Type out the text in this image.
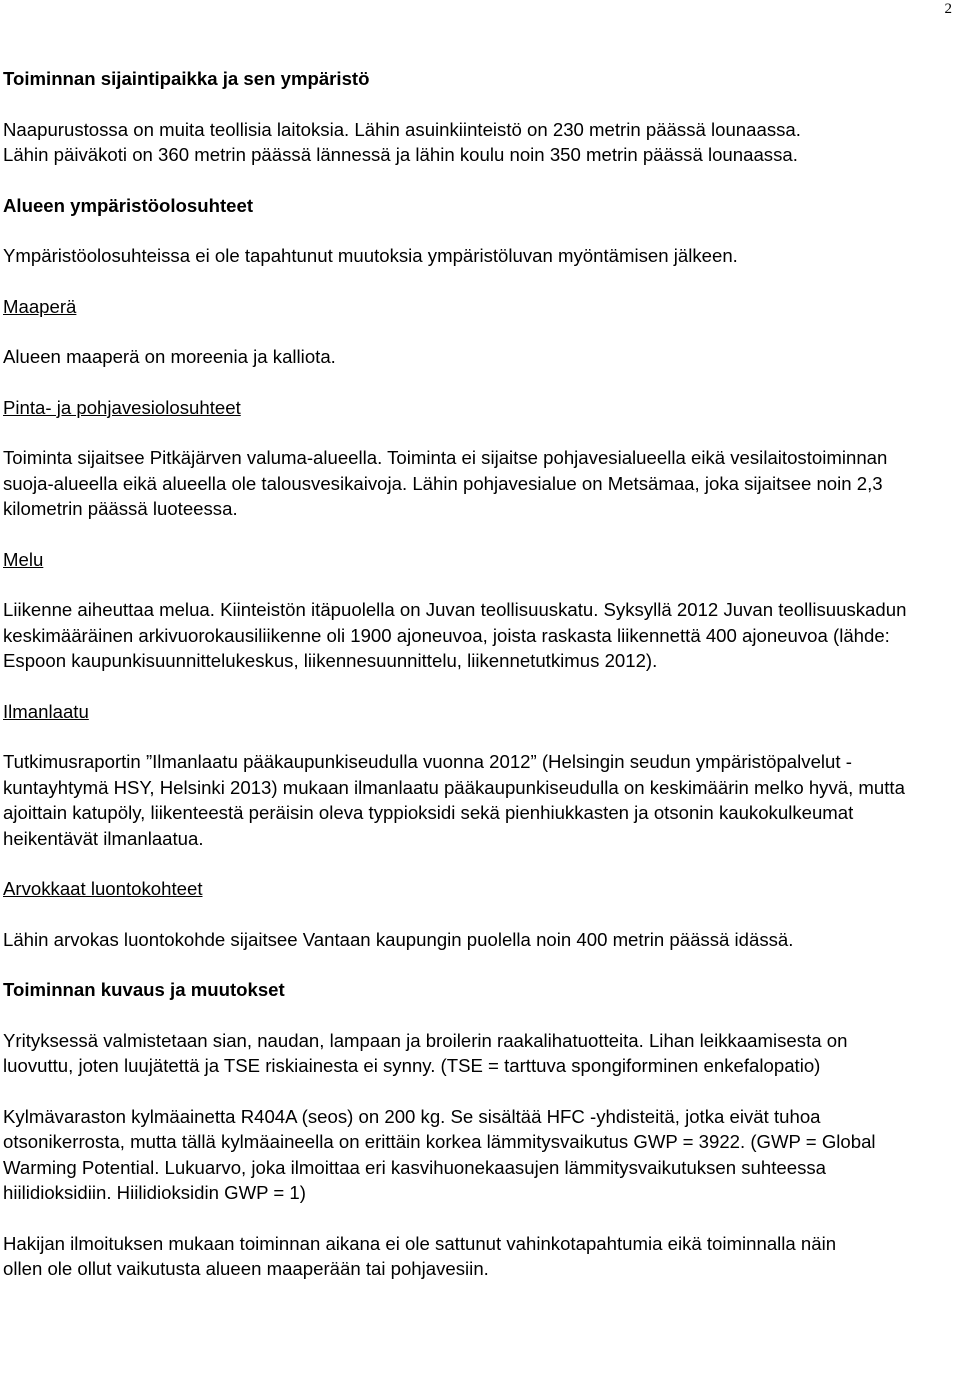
2
Toiminnan sijaintipaikka ja sen ympäristö

Naapurustossa on muita teollisia laitoksia. Lähin asuinkiinteistö on 230 metrin päässä lounaassa. Lähin päiväkoti on 360 metrin päässä lännessä ja lähin koulu noin 350 metrin päässä lounaassa.

Alueen ympäristöolosuhteet

Ympäristöolosuhteissa ei ole tapahtunut muutoksia ympäristöluvan myöntämisen jälkeen.

Maaperä

Alueen maaperä on moreenia ja kalliota.

Pinta- ja pohjavesiolosuhteet

Toiminta sijaitsee Pitkäjärven valuma-alueella. Toiminta ei sijaitse pohjavesialueella eikä vesilaitostoiminnan suoja-alueella eikä alueella ole talousvesikaivoja. Lähin pohjavesialue on Metsämaa, joka sijaitsee noin 2,3 kilometrin päässä luoteessa.

Melu

Liikenne aiheuttaa melua. Kiinteistön itäpuolella on Juvan teollisuuskatu. Syksyllä 2012 Juvan teollisuuskadun keskimääräinen arkivuorokausiliikenne oli 1900 ajoneuvoa, joista raskasta liikennettä 400 ajoneuvoa (lähde: Espoon kaupunkisuunnittelukeskus, liikennesuunnittelu, liikennetutkimus 2012).

Ilmanlaatu

Tutkimusraportin ”Ilmanlaatu pääkaupunkiseudulla vuonna 2012” (Helsingin seudun ympäristöpalvelut -kuntayhtymä HSY, Helsinki 2013) mukaan ilmanlaatu pääkaupunkiseudulla on keskimäärin melko hyvä, mutta ajoittain katupöly, liikenteestä peräisin oleva typpioksidi sekä pienhiukkasten ja otsonin kaukokulkeumat heikentävät ilmanlaatua.

Arvokkaat luontokohteet

Lähin arvokas luontokohde sijaitsee Vantaan kaupungin puolella noin 400 metrin päässä idässä.

Toiminnan kuvaus ja muutokset

Yrityksessä valmistetaan sian, naudan, lampaan ja broilerin raakalihatuotteita. Lihan leikkaamisesta on luovuttu, joten luujätettä ja TSE riskiainesta ei synny. (TSE = tarttuva spongiforminen enkefalopatio)

Kylmävaraston kylmäainetta R404A (seos) on 200 kg. Se sisältää HFC -yhdisteitä, jotka eivät tuhoa otsonikerrosta, mutta tällä kylmäaineella on erittäin korkea lämmitysvaikutus GWP = 3922. (GWP = Global Warming Potential. Lukuarvo, joka ilmoittaa eri kasvihuonekaasujen lämmitysvaikutuksen suhteessa hiilidioksidiin. Hiilidioksidin GWP = 1)

Hakijan ilmoituksen mukaan toiminnan aikana ei ole sattunut vahinkotapahtumia eikä toiminnalla näin ollen ole ollut vaikutusta alueen maaperään tai pohjavesiin.
